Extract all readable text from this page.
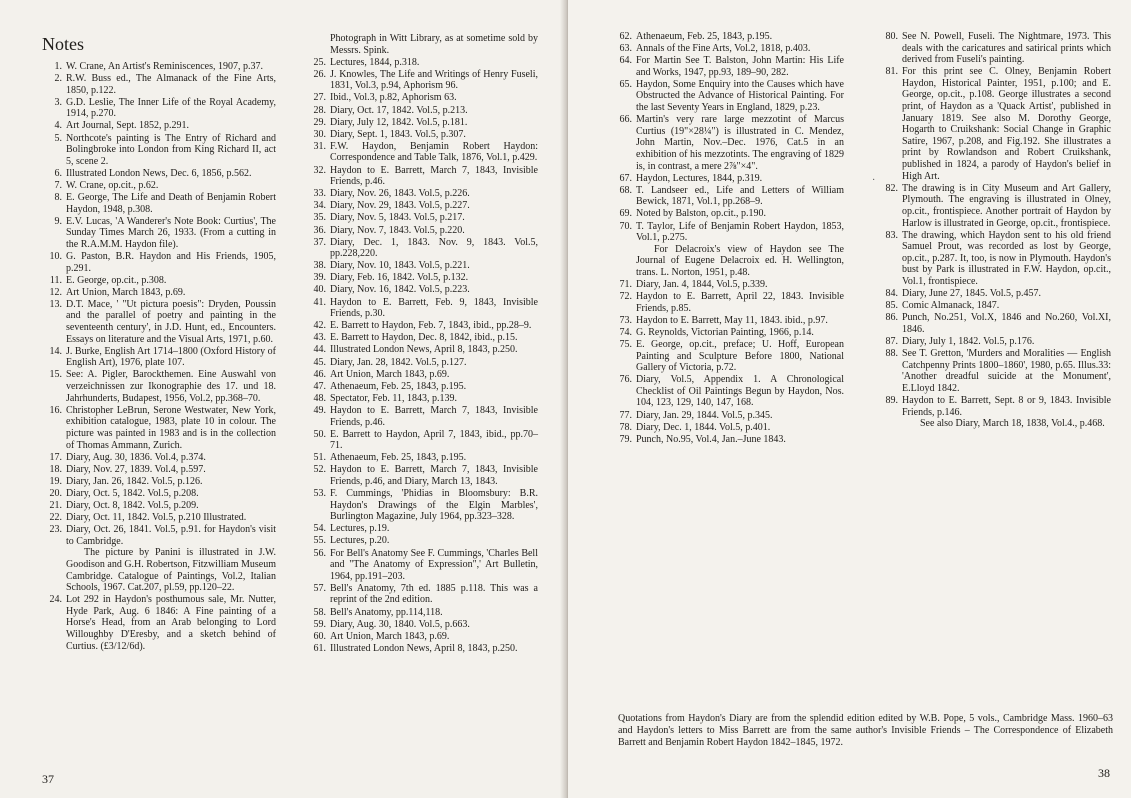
Notes
1. W. Crane, An Artist's Reminiscences, 1907, p.37.
2. R.W. Buss ed., The Almanack of the Fine Arts, 1850, p.122.
3. G.D. Leslie, The Inner Life of the Royal Academy, 1914, p.270.
4. Art Journal, Sept. 1852, p.291.
5. Northcote's painting is The Entry of Richard and Bolingbroke into London from King Richard II, act 5, scene 2.
6. Illustrated London News, Dec. 6, 1856, p.562.
7. W. Crane, op.cit., p.62.
8. E. George, The Life and Death of Benjamin Robert Haydon, 1948, p.308.
9. E.V. Lucas, 'A Wanderer's Note Book: Curtius', The Sunday Times March 26, 1933. (From a cutting in the R.A.M.M. Haydon file).
10. G. Paston, B.R. Haydon and His Friends, 1905, p.291.
11. E. George, op.cit., p.308.
12. Art Union, March 1843, p.69.
13. D.T. Mace, ' "Ut pictura poesis": Dryden, Poussin and the parallel of poetry and painting in the seventeenth century', in J.D. Hunt, ed., Encounters. Essays on literature and the Visual Arts, 1971, p.60.
14. J. Burke, English Art 1714–1800 (Oxford History of English Art), 1976, plate 107.
15. See: A. Pigler, Barockthemen. Eine Auswahl von verzeichnissen zur Ikonographie des 17. und 18. Jahrhunderts, Budapest, 1956, Vol.2, pp.368–70.
16. Christopher LeBrun, Serone Westwater, New York, exhibition catalogue, 1983, plate 10 in colour. The picture was painted in 1983 and is in the collection of Thomas Ammann, Zurich.
17. Diary, Aug. 30, 1836. Vol.4, p.374.
18. Diary, Nov. 27, 1839. Vol.4, p.597.
19. Diary, Jan. 26, 1842. Vol.5, p.126.
20. Diary, Oct. 5, 1842. Vol.5, p.208.
21. Diary, Oct. 8, 1842. Vol.5, p.209.
22. Diary, Oct. 11, 1842. Vol.5, p.210 Illustrated.
23. Diary, Oct. 26, 1841. Vol.5, p.91. for Haydon's visit to Cambridge.
The picture by Panini is illustrated in J.W. Goodison and G.H. Robertson, Fitzwilliam Museum Cambridge. Catalogue of Paintings, Vol.2, Italian Schools, 1967. Cat.207, pl.59, pp.120–22.
24. Lot 292 in Haydon's posthumous sale, Mr. Nutter, Hyde Park, Aug. 6 1846: A Fine painting of a Horse's Head, from an Arab belonging to Lord Willoughby D'Eresby, and a sketch behind of Curtius. (£3/12/6d).
Photograph in Witt Library, as at sometime sold by Messrs. Spink.
25. Lectures, 1844, p.318.
26. J. Knowles, The Life and Writings of Henry Fuseli, 1831, Vol.3, p.94, Aphorism 96.
27. Ibid., Vol.3, p.82, Aphorism 63.
28. Diary, Oct. 17, 1842. Vol.5, p.213.
29. Diary, July 12, 1842. Vol.5, p.181.
30. Diary, Sept. 1, 1843. Vol.5, p.307.
31. F.W. Haydon, Benjamin Robert Haydon: Correspondence and Table Talk, 1876, Vol.1, p.429.
32. Haydon to E. Barrett, March 7, 1843, Invisible Friends, p.46.
33. Diary, Nov. 26, 1843. Vol.5, p.226.
34. Diary, Nov. 29, 1843. Vol.5, p.227.
35. Diary, Nov. 5, 1843. Vol.5, p.217.
36. Diary, Nov. 7, 1843. Vol.5, p.220.
37. Diary, Dec. 1, 1843. Nov. 9, 1843. Vol.5, pp.228,220.
38. Diary, Nov. 10, 1843. Vol.5, p.221.
39. Diary, Feb. 16, 1842. Vol.5, p.132.
40. Diary, Nov. 16, 1842. Vol.5, p.223.
41. Haydon to E. Barrett, Feb. 9, 1843, Invisible Friends, p.30.
42. E. Barrett to Haydon, Feb. 7, 1843, ibid., pp.28–9.
43. E. Barrett to Haydon, Dec. 8, 1842, ibid., p.15.
44. Illustrated London News, April 8, 1843, p.250.
45. Diary, Jan. 28, 1842. Vol.5, p.127.
46. Art Union, March 1843, p.69.
47. Athenaeum, Feb. 25, 1843, p.195.
48. Spectator, Feb. 11, 1843, p.139.
49. Haydon to E. Barrett, March 7, 1843, Invisible Friends, p.46.
50. E. Barrett to Haydon, April 7, 1843, ibid., pp.70–71.
51. Athenaeum, Feb. 25, 1843, p.195.
52. Haydon to E. Barrett, March 7, 1843, Invisible Friends, p.46, and Diary, March 13, 1843.
53. F. Cummings, 'Phidias in Bloomsbury: B.R. Haydon's Drawings of the Elgin Marbles', Burlington Magazine, July 1964, pp.323–328.
54. Lectures, p.19.
55. Lectures, p.20.
56. For Bell's Anatomy See F. Cummings, 'Charles Bell and "The Anatomy of Expression",' Art Bulletin, 1964, pp.191–203.
57. Bell's Anatomy, 7th ed. 1885 p.118. This was a reprint of the 2nd edition.
58. Bell's Anatomy, pp.114,118.
59. Diary, Aug. 30, 1840. Vol.5, p.663.
60. Art Union, March 1843, p.69.
61. Illustrated London News, April 8, 1843, p.250.
37	38
62. Athenaeum, Feb. 25, 1843, p.195.
63. Annals of the Fine Arts, Vol.2, 1818, p.403.
64. For Martin See T. Balston, John Martin: His Life and Works, 1947, pp.93, 189–90, 282.
65. Haydon, Some Enquiry into the Causes which have Obstructed the Advance of Historical Painting. For the last Seventy Years in England, 1829, p.23.
66. Martin's very rare large mezzotint of Marcus Curtius (19"×28¼") is illustrated in C. Mendez, John Martin, Nov.–Dec. 1976, Cat.5 in an exhibition of his mezzotints. The engraving of 1829 is, in contrast, a mere 2⅞"×4".
67. Haydon, Lectures, 1844, p.319.
68. T. Landseer ed., Life and Letters of William Bewick, 1871, Vol.1, pp.268–9.
69. Noted by Balston, op.cit., p.190.
70. T. Taylor, Life of Benjamin Robert Haydon, 1853, Vol.1, p.275.
For Delacroix's view of Haydon see The Journal of Eugene Delacroix ed. H. Wellington, trans. L. Norton, 1951, p.48.
71. Diary, Jan. 4, 1844, Vol.5, p.339.
72. Haydon to E. Barrett, April 22, 1843. Invisible Friends, p.85.
73. Haydon to E. Barrett, May 11, 1843. ibid., p.97.
74. G. Reynolds, Victorian Painting, 1966, p.14.
75. E. George, op.cit., preface; U. Hoff, European Painting and Sculpture Before 1800, National Gallery of Victoria, p.72.
76. Diary, Vol.5, Appendix 1. A Chronological Checklist of Oil Paintings Begun by Haydon, Nos. 104, 123, 129, 140, 147, 168.
77. Diary, Jan. 29, 1844. Vol.5, p.345.
78. Diary, Dec. 1, 1844. Vol.5, p.401.
79. Punch, No.95, Vol.4, Jan.–June 1843.
80. See N. Powell, Fuseli. The Nightmare, 1973. This deals with the caricatures and satirical prints which derived from Fuseli's painting.
81. For this print see C. Olney, Benjamin Robert Haydon, Historical Painter, 1951, p.100; and E. George, op.cit., p.108. George illustrates a second print, of Haydon as a 'Quack Artist', published in January 1819. See also M. Dorothy George, Hogarth to Cruikshank: Social Change in Graphic Satire, 1967, p.208, and Fig.192. She illustrates a print by Rowlandson and Robert Cruikshank, published in 1824, a parody of Haydon's belief in High Art.
82. The drawing is in City Museum and Art Gallery, Plymouth. The engraving is illustrated in Olney, op.cit., frontispiece. Another portrait of Haydon by Harlow is illustrated in George, op.cit., frontispiece.
83. The drawing, which Haydon sent to his old friend Samuel Prout, was recorded as lost by George, op.cit., p.287. It, too, is now in Plymouth. Haydon's bust by Park is illustrated in F.W. Haydon, op.cit., Vol.1, frontispiece.
84. Diary, June 27, 1845. Vol.5, p.457.
85. Comic Almanack, 1847.
86. Punch, No.251, Vol.X, 1846 and No.260, Vol.XI, 1846.
87. Diary, July 1, 1842. Vol.5, p.176.
88. See T. Gretton, 'Murders and Moralities — English Catchpenny Prints 1800–1860', 1980, p.65. Illus.33: 'Another dreadful suicide at the Monument', E.Lloyd 1842.
89. Haydon to E. Barrett, Sept. 8 or 9, 1843. Invisible Friends, p.146.
See also Diary, March 18, 1838, Vol.4., p.468.
·
Quotations from Haydon's Diary are from the splendid edition edited by W.B. Pope, 5 vols., Cambridge Mass. 1960–63 and Haydon's letters to Miss Barrett are from the same author's Invisible Friends – The Correspondence of Elizabeth Barrett and Benjamin Robert Haydon 1842–1845, 1972.
